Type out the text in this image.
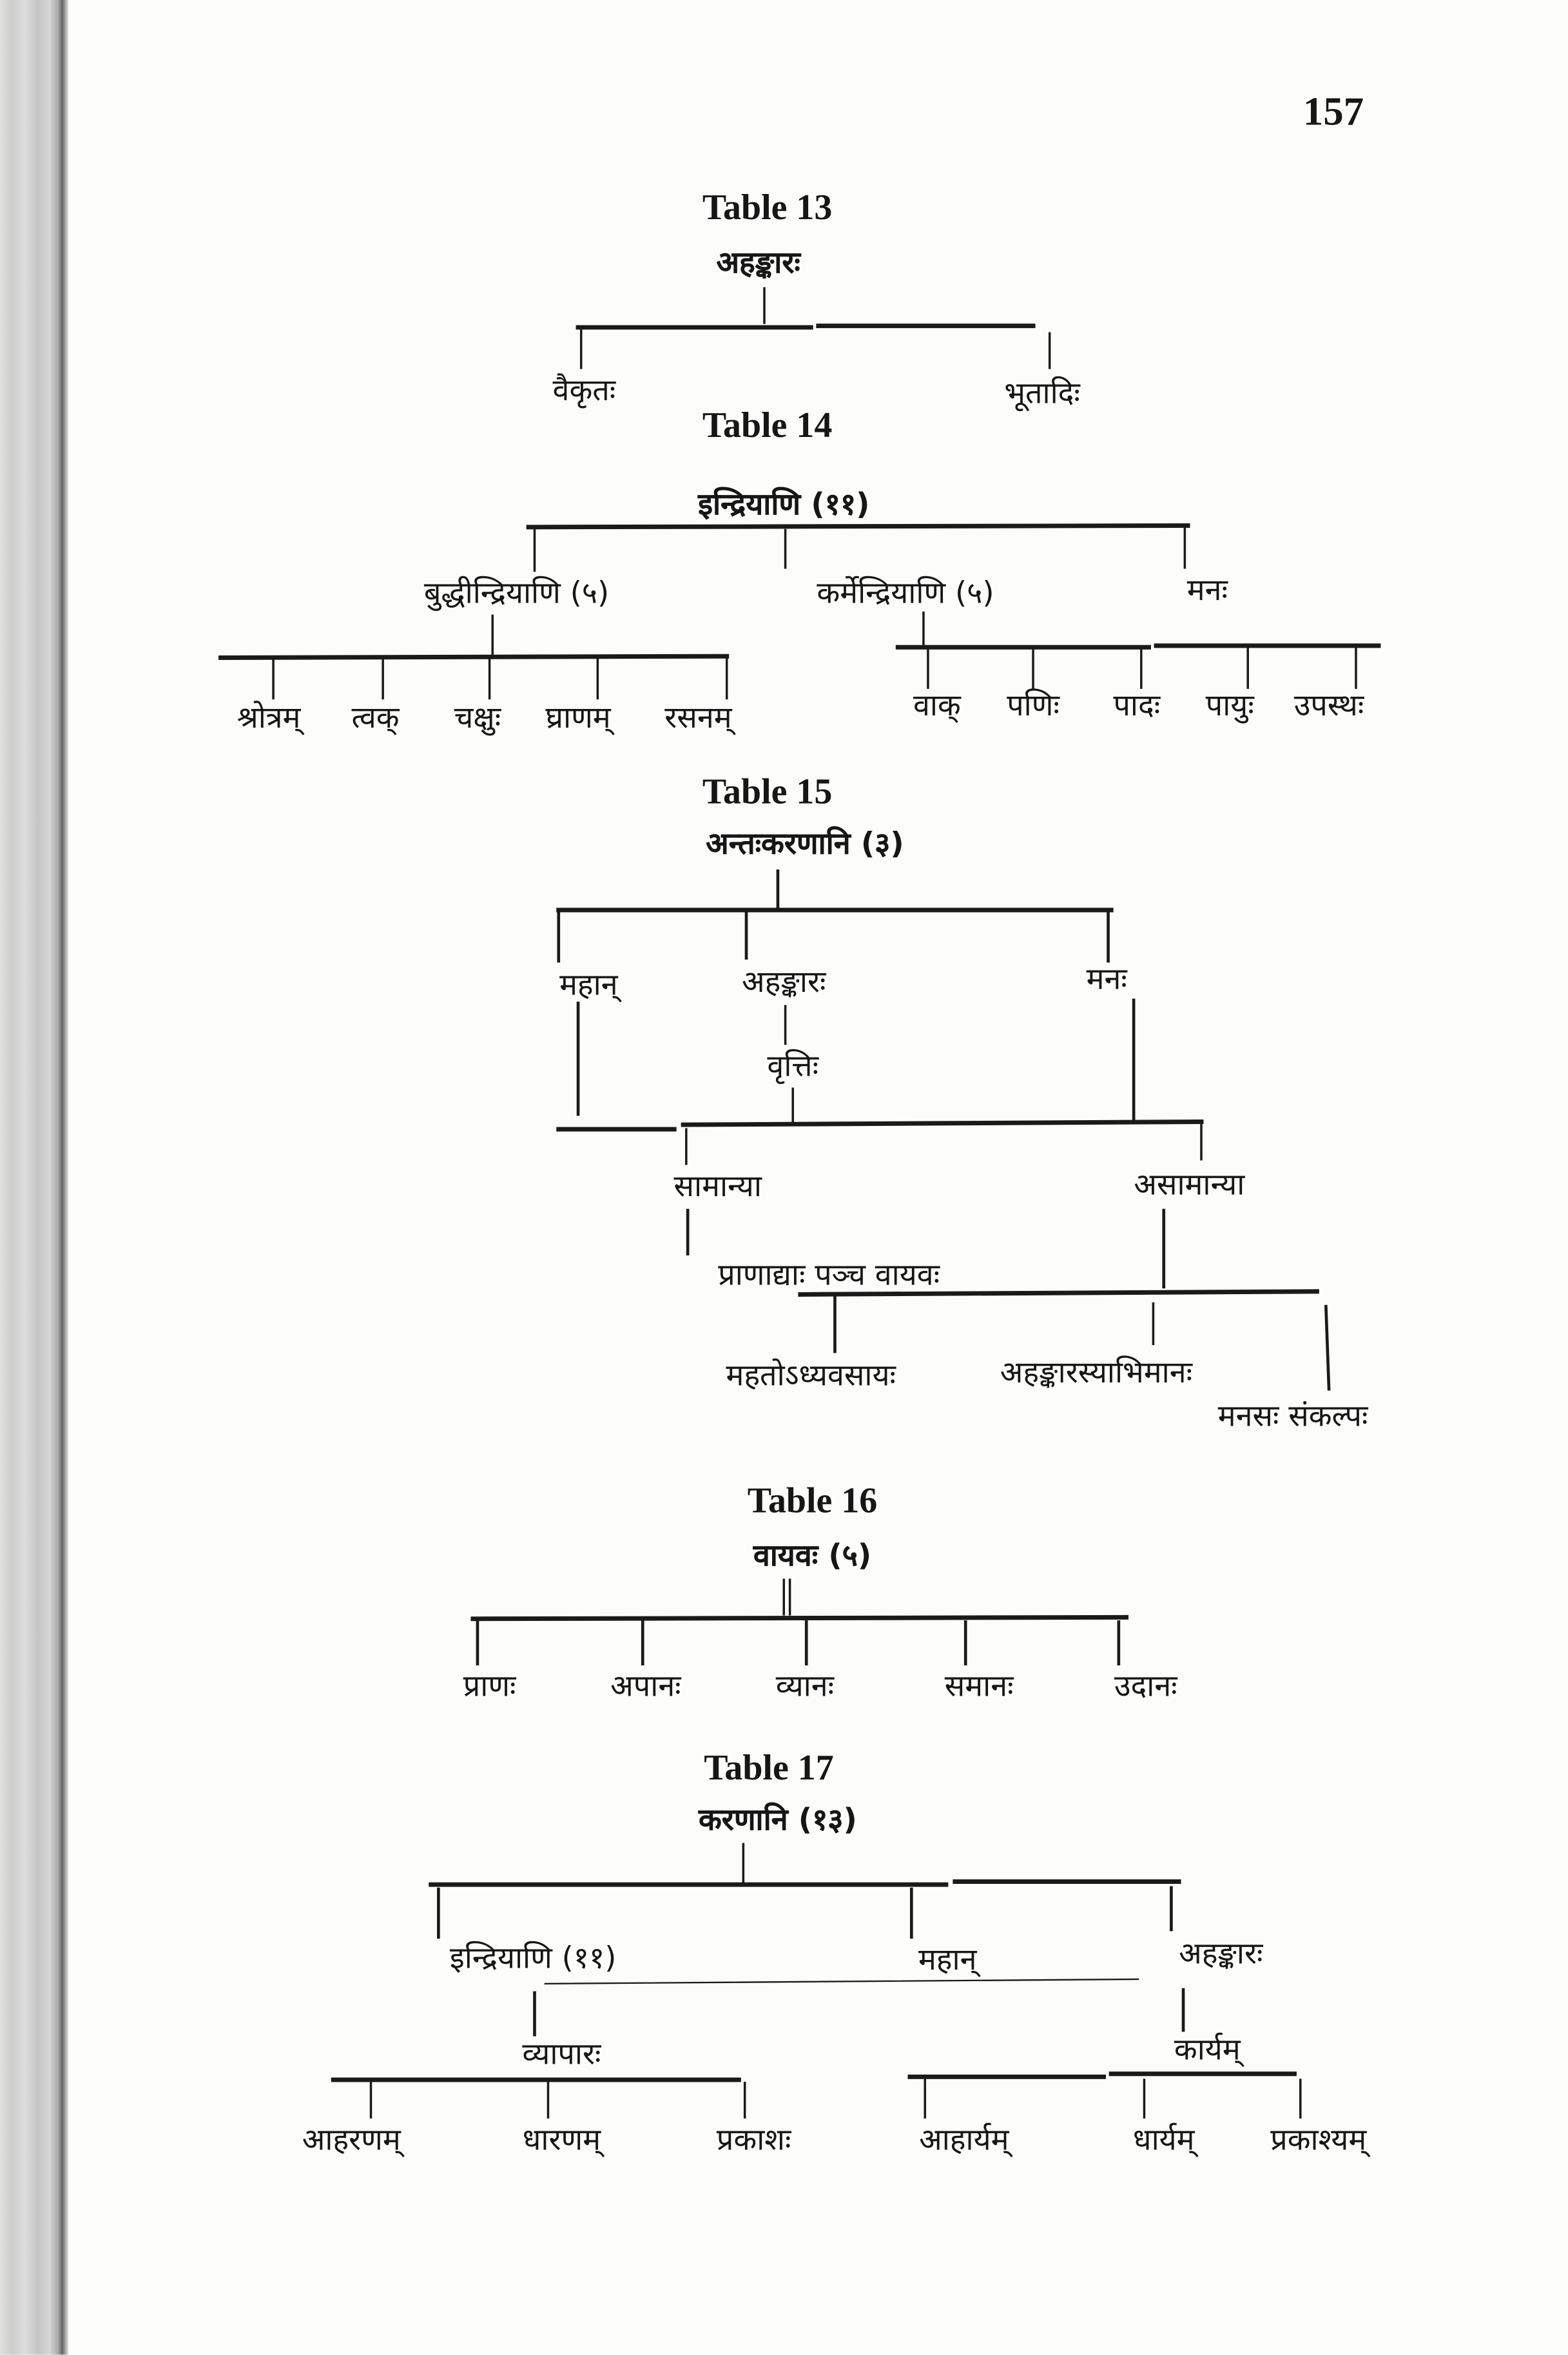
157
Table 13
अहङ्कारः
वैकृतः	भूतादिः
Table 14
इन्द्रियाणि (११)
बुद्धीन्द्रियाणि (५)	कर्मेन्द्रियाणि (५)	मनः
श्रोत्रम्	त्वक्	चक्षुः	घ्राणम्	रसनम्	वाक्	पणिः	पादः	पायुः	उपस्थः
Table 15
अन्तःकरणानि (३)
महान्	अहङ्कारः	मनः
वृत्तिः
सामान्या	असामान्या
प्राणाद्याः पञ्च वायवः
महतोऽध्यवसायः	अहङ्कारस्याभिमानः
मनसः संकल्पः
Table 16
वायवः (५)
प्राणः	अपानः	व्यानः	समानः	उदानः
Table 17
करणानि (१३)
इन्द्रियाणि (११)	महान्	अहङ्कारः
व्यापारः	कार्यम्
आहरणम्	धारणम्	प्रकाशः	आहार्यम्	धार्यम्	प्रकाश्यम्
